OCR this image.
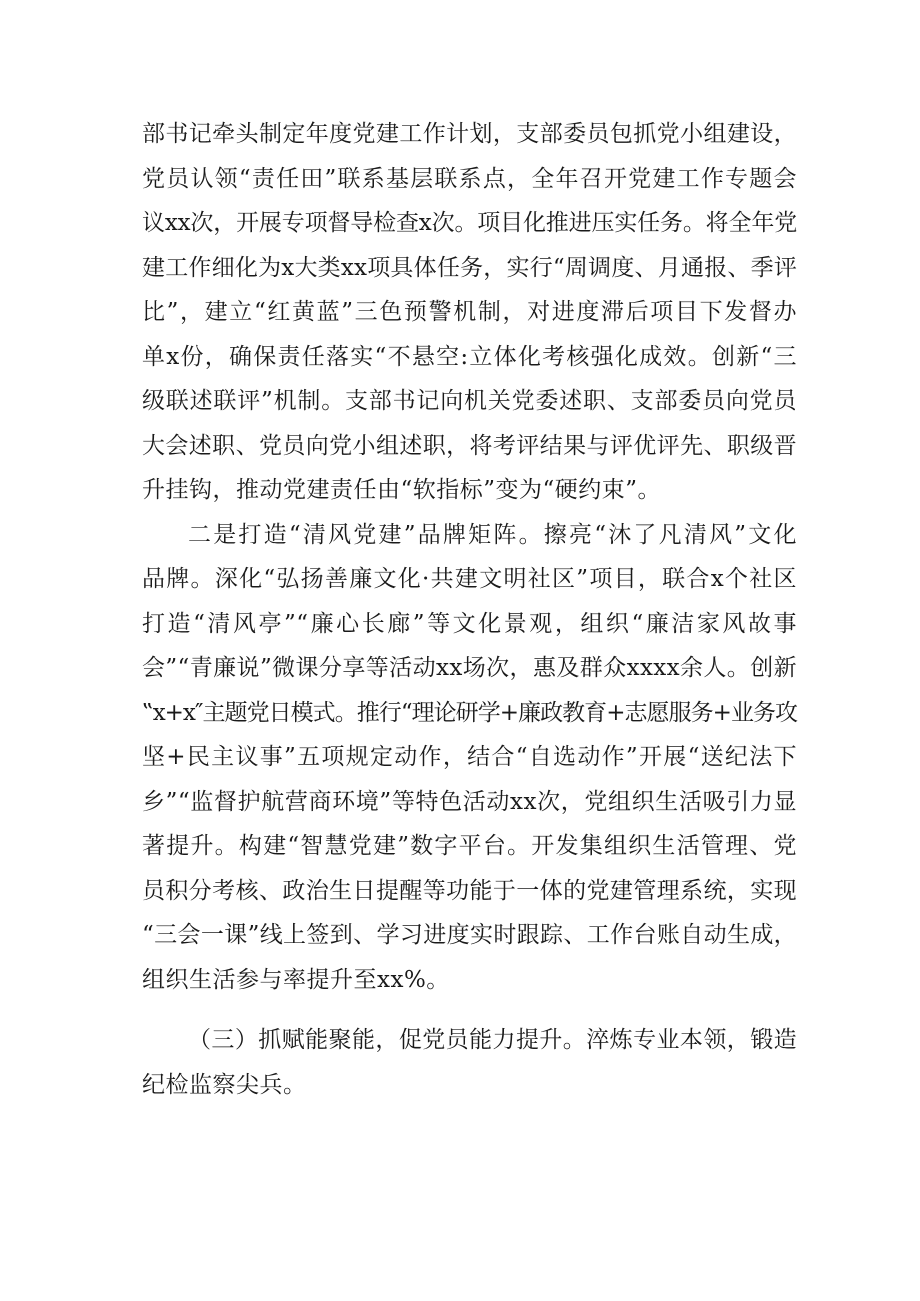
部书记牵头制定年度党建工作计划，支部委员包抓党小组建设，
党员认领“责任田”联系基层联系点，全年召开党建工作专题会
议xx次，开展专项督导检查x次。项目化推进压实任务。将全年党
建工作细化为x大类xx项具体任务，实行“周调度、月通报、季评
比”，建立“红黄蓝”三色预警机制，对进度滞后项目下发督办
单x份，确保责任落实“不悬空:立体化考核强化成效。创新“三
级联述联评”机制。支部书记向机关党委述职、支部委员向党员
大会述职、党员向党小组述职，将考评结果与评优评先、职级晋
升挂钩，推动党建责任由“软指标”变为“硬约束”。

二是打造“清风党建”品牌矩阵。擦亮“沐了凡清风”文化
品牌。深化“弘扬善廉文化·共建文明社区”项目，联合x个社区
打造“清风亭”“廉心长廊”等文化景观，组织“廉洁家风故事
会”“青廉说”微课分享等活动xx场次，惠及群众xxxx余人。创新
‟x+x″主题党日模式。推行“理论研学+廉政教育+志愿服务+业务攻
坚+民主议事”五项规定动作，结合“自选动作”开展“送纪法下
乡”“监督护航营商环境”等特色活动xx次，党组织生活吸引力显
著提升。构建“智慧党建”数字平台。开发集组织生活管理、党
员积分考核、政治生日提醒等功能于一体的党建管理系统，实现
“三会一课”线上签到、学习进度实时跟踪、工作台账自动生成，
组织生活参与率提升至xx%。

（三）抓赋能聚能，促党员能力提升。淬炼专业本领，锻造
纪检监察尖兵。
